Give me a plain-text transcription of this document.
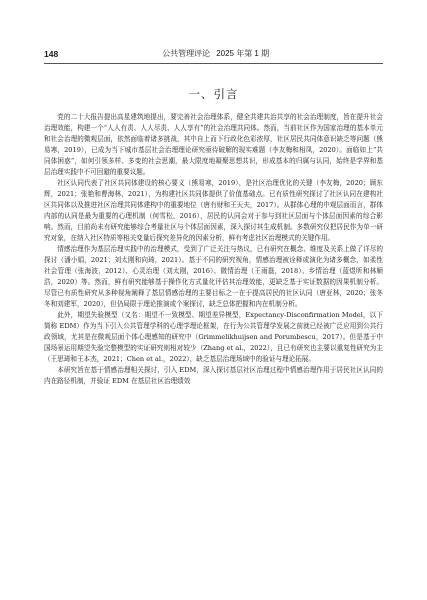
148	公共管理评论 2025 年第 1 期
一、引言

党的二十大报告提出高星建筑地提出，要完善社会治理体系，健全共建共治共享的社会治理制度，旨在提升社会治理效能，构建一个“人人有责、人人尽责、人人享有”的社会治理共同体。然而，当前社区作为国家治理的基本单元和社会治理的微观层面，依然面临着诸多挑战，其中自上而下行政化色彩浓厚，社区居民共同体意识缺乏等问题（熊易寒，2019），已成为当下城市基层社会治理理论研究亟待破解的现实难题（李友梅和相凤，2020）。面临如上“共同体困惑”，如何引领多样、多变的社会思潮，最大限度地凝聚思想共识，形成基本的归属与认同，始终是学界和基层治理实践中不可回避的重要议题。

社区认同代表了社区共同体建设的核心要义（熊易寒，2019），是社区治理优化的关键（李友梅，2020；顾东辉，2021；张艳和曹海林，2021），为构建社区共同体提供了价值基础点。已有质性研究探讨了社区认同在建构社区共同体以及推进社区治理共同体建构中的重要地位（唐有财和王天夫，2017）。从群体心理的中观层面而言，群体内部的认同是最为重要的心理机制（何雪松，2016），居民的认同会对于参与到社区层面与个体层面因素的综合影响。然而，目前尚未有研究能够综合考量社区与个体层面因素，深入探讨其生成机制。多数研究仅把居民作为单一研究对象，在纳入社区特质等相关变量后探究差异化的因素分析，鲜有考虑社区治理模式的关键作用。

情感治理作为基层治理实践中的治理模式，受到了广泛关注与热议，已有研究在概念、维度及关系上做了详尽的探讨（潘小娟，2021；刘太刚和向琦，2021）。基于不同的研究视角，情感治理被诠释或演化为诸多概念，如柔性社会管理（张海波，2012）、心灵治理（刘太刚，2016）、微情治理（王雨磊，2018）、乡情治理（蓝煜昕和林顺浩，2020）等。然而，鲜有研究能够基于操作化方式量化评估其治理效能，更缺乏基于实证数据的因果机制分析。尽管已有质性研究从多种视角阐释了基层情感治理的主要目标之一在于提高居民的社区认同（唐亚林，2020；张冬冬和刘建军，2020），但仍局限于理论推演或个案探讨，缺乏总体把握和内在机制分析。

此外，期望失验模型（又名：期望不一致模型、期望差异模型，Expectancy-Disconfirmation Model，以下简称 EDM）作为当下引入公共管理学科的心理学理论框架，在行为公共管理学发展之前就已经被广泛应用到公共行政领域，尤其是在微观层面个体心理感知的研究中（Grimmelikhuijsen and Porumbescu，2017）。但是基于中国场景运用期望失验完整模型的实证研究则相对较少（Zhang et al.，2022），且已有研究也主要以重复性研究为主（王思琦和王本杰，2021；Chen et al.，2022），缺乏基层治理场域中的验证与理论拓展。

本研究旨在基于情感治理相关探讨，引入 EDM，深入探讨基层社区治理过程中情感治理作用于居民社区认同的内在路径机制，并验证 EDM 在基层社区治理绩效
